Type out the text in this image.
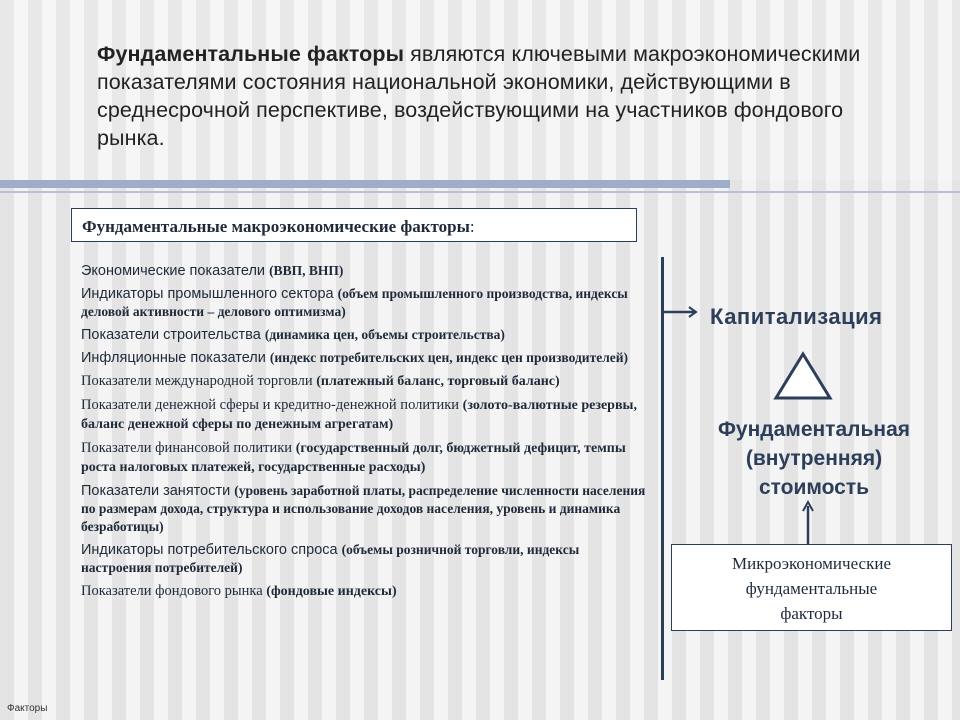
Фундаментальные факторы являются ключевыми макроэкономическими показателями состояния национальной экономики, действующими в среднесрочной перспективе, воздействующими на участников фондового рынка.
Фундаментальные макроэкономические факторы:
Экономические показатели (ВВП, ВНП)
Индикаторы промышленного сектора (объем промышленного производства, индексы деловой активности – делового оптимизма)
Показатели строительства (динамика цен, объемы строительства)
Инфляционные показатели (индекс потребительских цен, индекс цен производителей)
Показатели международной торговли (платежный баланс, торговый баланс)
Показатели денежной сферы и кредитно-денежной политики (золото-валютные резервы, баланс денежной сферы по денежным агрегатам)
Показатели финансовой политики (государственный долг, бюджетный дефицит, темпы роста налоговых платежей, государственные расходы)
Показатели занятости (уровень заработной платы, распределение численности населения по размерам дохода, структура и использование доходов населения, уровень и динамика безработицы)
Индикаторы потребительского спроса (объемы розничной торговли, индексы настроения потребителей)
Показатели фондового рынка (фондовые индексы)
Капитализация
Фундаментальная
(внутренняя)
стоимость
Микроэкономические
фундаментальные
факторы
Факторы
